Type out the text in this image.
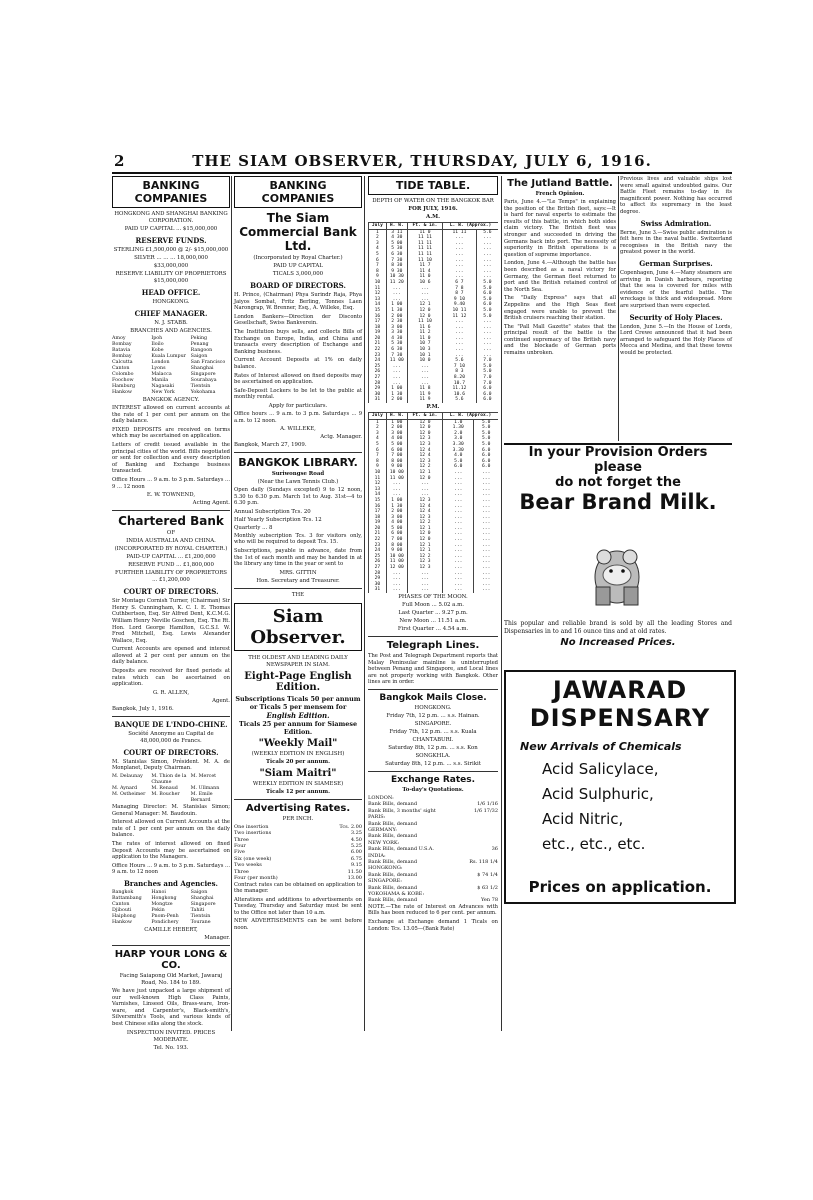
2	THE SIAM OBSERVER, THURSDAY, JULY 6, 1916.
BANKING COMPANIES
HONGKONG AND SHANGHAI BANKING CORPORATION.
PAID UP CAPITAL ... $15,000,000
RESERVE FUNDS.
STERLING £1,500,000 @ 2/- $15,000,000
SILVER ... ... ... 18,000,000
$33,000,000
RESERVE LIABILITY OF PROPRIETORS $15,000,000
HEAD OFFICE.
HONGKONG.
CHIEF MANAGER.
N. J. STABB.
BRANCHES AND AGENCIES.
Amoy	Ipoh	Peking
Bombay	Iloilo	Penang
Batavia	Kobe	Rangoon
Bombay	Kuala Lumpur Saigon
Calcutta	London	San Francisco
Canton	Lyons	Shanghai
Colombo	Malacca	Singapore
Foochow	Manila	Sourabaya
Hamburg	Nagasaki	Tientsin
Hankow	New York	Yokohama
BANGKOK AGENCY.

INTEREST allowed on current accounts at the rate of 1 per cent per annum on the daily balance.

FIXED DEPOSITS are received on terms which may be ascertained on application.

Letters of credit issued available in the principal cities of the world. Bills negotiated or sent for collection and every description of Banking and Exchange business transacted.

Office Hours ... 9 a.m. to 3 p.m. Saturdays ... 9 ... 12 noon

E. W. TOWNEND,
Acting Agent.
Chartered Bank
OF
INDIA AUSTRALIA AND CHINA.
(INCORPORATED BY ROYAL CHARTER.)
PAID-UP CAPITAL ... £1,200,000
RESERVE FUND ... £1,800,000
FURTHER LIABILITY OF PROPRIETORS ... £1,200,000
COURT OF DIRECTORS.

Sir Montagu Cornish Turner, (Chairman) Sir Henry S. Cunningham, K. C. I. E. Thomas Cuthbertson, Esq. Sir Alfred Dent, K.C.M.G. William Henry Neville Goschen, Esq. The Rt. Hon. Lord George Hamilton, G.C.S.I. W. Fred Mitchell, Esq. Lewis Alexander Wallace, Esq.

Current Accounts are opened and interest allowed at 2 per cent per annum on the daily balance.

Deposits are received for fixed periods at rates which can be ascertained on application.

G. R. ALLEN,
Agent.
Bangkok, July 1, 1916.
BANQUE DE L'INDO-CHINE.
Société Anonyme au Capital de 48,000,000 de Francs.
COURT OF DIRECTORS.

M. Stanislas Simon, Président. M. A. de Monplanet, Deputy Chairman.

M. Delaunay	M. Thion de la Chaume
M. Mercet
M. Aynard	M. Renaud	M. Ullmann
M. Ostheimer	M. Boucher	M. Emile Bernard

Managing Director: M. Stanislas Simon; General Manager: M. Baudouin.

Interest allowed on Current Accounts at the rate of 1 per cent per annum on the daily balance.

The rates of interest allowed on fixed Deposit Accounts may be ascertained on application to the Managers.

Office Hours ... 9 a.m. to 3 p.m. Saturdays ... 9 a.m. to 12 noon

Branches and Agencies.
Bangkok	Hanoi	Saigon
Battambang	Hongkong	Shanghai
Canton	Mongtze	Singapore
Djibouti	Pekin	Tahiti
Haiphong	Pnom-Penh	Tientsin
Hankow	Pondichery	Tourane
CAMILLE HEBERT,
Manager.
HARP YOUR LONG & CO.
Facing Saiapong Old Market, Jawaraj Road, No. 184 to 189.

We have just unpacked a large shipment of our well-known High Class Paints, Varnishes, Linseed Oils, Brass-ware, Iron-ware, and Carpenter's, Black-smith's, Silversmith's Tools, and various kinds of best Chinese silks along the stock.

INSPECTION INVITED. PRICES MODERATE.
Tel. No. 193.
BANKING COMPANIES
The Siam Commercial Bank Ltd.
(Incorporated by Royal Charter.)
PAID UP CAPITAL
TICALS 3,000,000
BOARD OF DIRECTORS.

H. Prince, (Chairman) Phya Surindr Raja, Phya Jaiyos Sombat, Fritz Berling, Tonnes Laen Narongrap, W. Brenner, Esq., A. Willeke, Esq.

London Bankers—Direction der Disconto Gesellschaft, Swiss Bankverein.

The Institution buys sells, and collects Bills of Exchange on Europe, India, and China and transacts every description of Exchange and Banking business.

Current Account Deposits at 1% on daily balance.

Rates of Interest allowed on fixed deposits may be ascertained on application.

Safe-Deposit Lockers to be let to the public at monthly rental.

Apply for particulars.

Office hours ... 9 a.m. to 3 p.m. Saturdays ... 9 a.m. to 12 noon.

A. WILLEKE,
Actg. Manager.
Bangkok, March 27, 1909.
BANGKOK LIBRARY.
Suriwongse Road
(Near the Lawn Tennis Club.)

Open daily (Sundays excepted) 9 to 12 noon, 5.30 to 6.30 p.m. March 1st to Aug. 31st—4 to 6.30 p.m.

Annual Subscription Tcs. 20
Half Yearly Subscription Tcs. 12
Quarterly ... 8

Monthly subscription Tcs. 3 for visitors only, who will be required to deposit Tcs. 15.

Subscriptions, payable in advance, date from the 1st of each month and may be handed in at the library any time in the year or sent to

MRS. GITTIN
Hon. Secretary and Treasurer.
THE
Siam Observer.
THE OLDEST AND LEADING DAILY NEWSPAPER IN SIAM.
Eight-Page English Edition.
Subscriptions Ticals 50 per annum or Ticals 5 per mensem for
English Edition.
Ticals 25 per annum for Siamese Edition.
"Weekly Mail"
(WEEKLY EDITION IN ENGLISH)
Ticals 20 per annum.
"Siam Maitri"
WEEKLY EDITION IN SIAMESE)
Ticals 12 per annum.
Advertising Rates.
PER INCH.
One insertion	Tcs. 2.00
Two insertions	3.25
Three	4.50
Four	5.25
Five	6.00
Six (one week)	6.75
Two weeks	9.15
Three	11.50
Four (per month)	13.00

Contract rates can be obtained on application to the manager.

Alterations and additions to advertisements on Tuesday, Thursday and Saturday must be sent to the Office not later than 10 a.m.

NEW ADVERTISEMENTS can be sent before noon.

TIDE TABLE.
DEPTH OF WATER ON THE BANGKOK BAR
FOR JULY, 1916.
A.M.
July	H. W.	Ft. & in.	L. W. (Approx.)	
1	3 11	11 0	11 11	5.6
2	4 30	11 11	...	...
3	5 00	11 11	...	...
4	5 30	11 11	...	...
5	6 30	11 11	...	...
6	7 30	11 10	...	...
7	8 30	11 7	...	...
8	9 30	11 4	...	...
9	10 30	11 0	...	...
10	11 20	10 6	6 7	5.0
11	...	...	7 8	5.0
12	...	...	8 7	6.0
13	...	...	9 10	5.0
14	1 00	12 1	9.40	6.0
15	1 30	12 0	10 11	5.0
16	2 00	12 0	11 12	5.0
17	2 30	11 10	...	...
18	3 00	11 6	...	...
19	3 30	11 2	...	...
20	4 30	11 0	...	...
21	5 30	10 7	...	...
22	6 30	10 3	...	...
23	7 30	10 1	...	...
24	11 00	10 0	5.6	7.0
25	...	...	7 10	5.0
26	...	...	8 3	5.0
27	...	...	8.20	7.0
28	...	...	10.7	7.0
29	1 00	11 8	11.12	6.0
30	1 30	11 9	10.6	6.0
31	2 00	11 9	5.6	6.0
P.M.
July	H. W.	Ft. & in.	L. W. (Approx.)	
1	1 00	12 0	1.0	5.0
2	2 00	12 0	1.30	5.0
3	3 00	12 0	2.0	5.0
4	4 00	12 3	3.0	5.0
5	5 00	12 3	3.30	5.0
6	6 00	12 4	3.30	6.0
7	7 00	12 4	4.0	6.0
8	8 00	12 3	5.0	6.0
9	9 00	12 2	6.0	6.0
10	10 00	12 1	...	...
11	11 00	12 0	...	...
12	...	...	...	...
13	...	...	...	...
14	...	...	...	...
15	1 00	12 3	...	...
16	1 30	12 4	...	...
17	2 00	12 4	...	...
18	3 00	12 3	...	...
19	4 00	12 2	...	...
20	5 00	12 1	...	...
21	6 00	12 0	...	...
22	7 00	12 0	...	...
23	8 00	12 1	...	...
24	9 00	12 1	...	...
25	10 00	12 2	...	...
26	11 00	12 3	...	...
27	12 00	12 3	...	...
28	...	...	...	...
29	...	...	...	...
30	...	...	...	...
31	...	...	...	...
PHASES OF THE MOON.
Full Moon ... 5.02 a.m.
Last Quarter ... 9.27 p.m.
New Moon ... 11.51 a.m.
First Quarter ... 4.54 a.m.
Telegraph Lines.

The Post and Telegraph Department reports that Malay Peninsular mainline is uninterrupted between Penang and Singapore, and Local lines are not properly working with Bangkok. Other lines are in order.

Bangkok Mails Close.
HONGKONG.
Friday 7th, 12 p.m. ... s.s. Hainan.
SINGAPORE.
Friday 7th, 12 p.m. ... s.s. Kuala
CHANTABURI.
Saturday 8th, 12 p.m. ... s.s. Kon
SONGKHLA.
Saturday 8th, 12 p.m. ... s.s. Sirikit
Exchange Rates.
To-day's Quotations.
LONDON:
Bank Bills, demand	1/6 1/16
Bank Bills, 3 months' sight	1/6 17/32
PARIS:
Bank Bills, demand
GERMANY:
Bank Bills, demand
NEW YORK:
Bank Bills, demand U.S.A.	36
INDIA:
Bank Bills, demand	Rs. 118 1/4
HONGKONG:
Bank Bills, demand	$ 74 1/4
SINGAPORE:
Bank Bills, demand	$ 63 1/2
YOKOHAMA & KOBE:
Bank Bills, demand	Yen 78

NOTE.—The rate of Interest on Advances with Bills has been reduced to 6 per cent. per annum.

Exchange at Exchange demand 1 Ticals on London: Tcs. 13.05—(Bank Rate)

The Jutland Battle.
French Opinion.

Paris, June 4.—"Le Temps" in explaining the position of the British fleet, says:—It is hard for naval experts to estimate the results of this battle, in which both sides claim victory. The British fleet was stronger and succeeded in driving the Germans back into port. The necessity of superiority in British operations is a question of supreme importance.

London, June 4.—Although the battle has been described as a naval victory for Germany, the German fleet returned to port and the British retained control of the North Sea.

The "Daily Express" says that all Zeppelins and the High Seas fleet engaged were unable to prevent the British cruisers reaching their station.

The "Pall Mall Gazette" states that the principal result of the battle is the continued supremacy of the British navy and the blockade of German ports remains unbroken.

Previous lives and valuable ships lost were small against undoubted gains. Our Battle Fleet remains to-day in its magnificent power. Nothing has occurred to affect its supremacy in the least degree.

Swiss Admiration.

Berne, June 3.—Swiss public admiration is felt here in the naval battle. Switzerland recognises in the British navy the greatest power in the world.

German Surprises.

Copenhagen, June 4.—Many steamers are arriving in Danish harbours, reporting that the sea is covered for miles with evidence of the fearful battle. The wreckage is thick and widespread. More are surprised than were expected.

Security of Holy Places.

London, June 5.—In the House of Lords, Lord Crewe announced that it had been arranged to safeguard the Holy Places of Mecca and Medina, and that these towns would be protected.

In your Provision Orders please
do not forget the
Bear Brand Milk.

This popular and reliable brand is sold by all the leading Stores and Dispensaries in to and 16 ounce tins and at old rates.

No Increased Prices.
JAWARAD DISPENSARY
New Arrivals of Chemicals
Acid Salicylace,
Acid Sulphuric,
Acid Nitric,
etc., etc., etc.
Prices on application.
